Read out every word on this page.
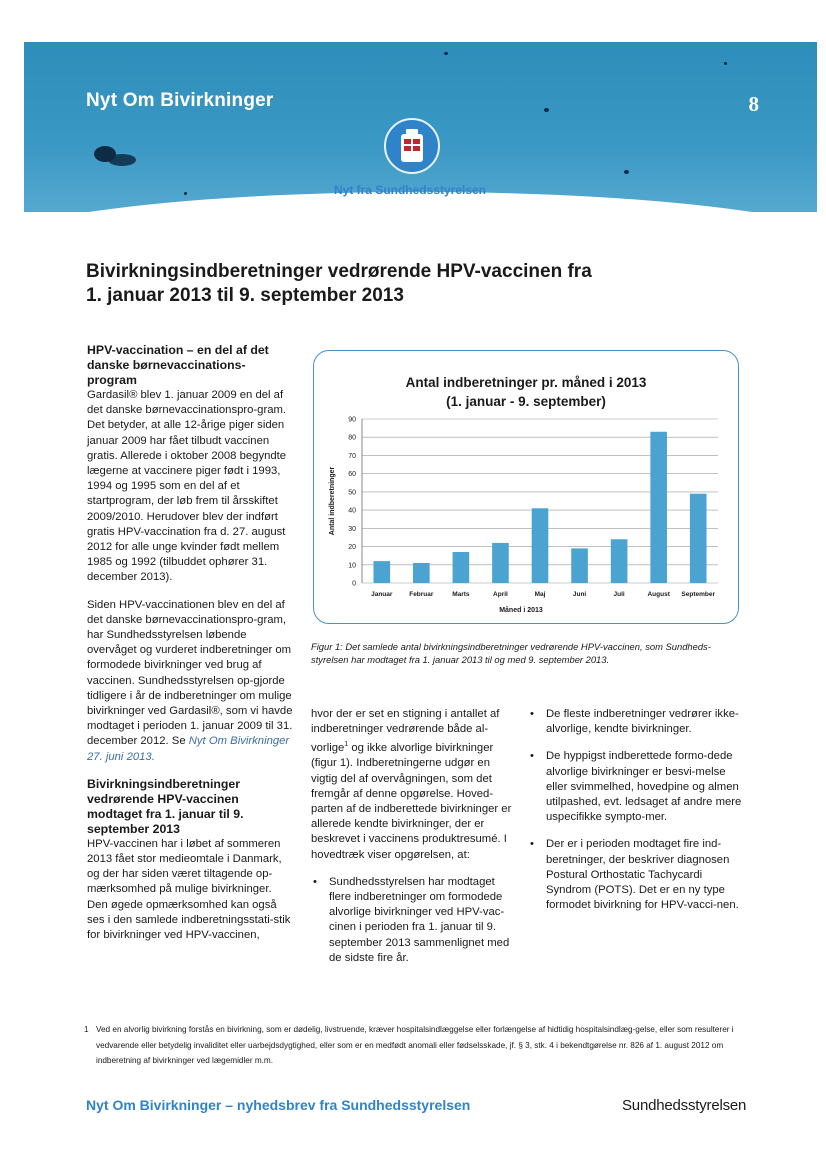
Nyt Om Bivirkninger	8
Nyt fra Sundhedsstyrelsen
Bivirkningsindberetninger vedrørende HPV-vaccinen fra
1. januar 2013 til 9. september 2013
HPV-vaccination – en del af det danske børnevaccinations-program

Gardasil® blev 1. januar 2009 en del af det danske børnevaccinationspro-gram. Det betyder, at alle 12-årige piger siden januar 2009 har fået tilbudt vaccinen gratis. Allerede i oktober 2008 begyndte lægerne at vaccinere piger født i 1993, 1994 og 1995 som en del af et startprogram, der løb frem til årsskiftet 2009/2010. Herudover blev der indført gratis HPV-vaccination fra d. 27. august 2012 for alle unge kvinder født mellem 1985 og 1992 (tilbuddet ophører 31. december 2013).

Siden HPV-vaccinationen blev en del af det danske børnevaccinationspro-gram, har Sundhedsstyrelsen løbende overvåget og vurderet indberetninger om formodede bivirkninger ved brug af vaccinen. Sundhedsstyrelsen op-gjorde tidligere i år de indberetninger om mulige bivirkninger ved Gardasil®, som vi havde modtaget i perioden 1. januar 2009 til 31. december 2012. Se Nyt Om Bivirkninger 27. juni 2013.

Bivirkningsindberetninger vedrørende HPV-vaccinen modtaget fra 1. januar til 9. september 2013

HPV-vaccinen har i løbet af sommeren 2013 fået stor medieomtale i Danmark, og der har siden været tiltagende op-mærksomhed på mulige bivirkninger. Den øgede opmærksomhed kan også ses i den samlede indberetningsstati-stik for bivirkninger ved HPV-vaccinen,

Antal indberetninger pr. måned i 2013
(1. januar - 9. september)
Antal indberetninger
Måned i 2013
0
10
20
30
40
50
60
70
80
90
Januar	Februar	Marts	April	Maj	Juni	Juli	August September
Figur 1: Det samlede antal bivirkningsindberetninger vedrørende HPV-vaccinen, som Sundheds-styrelsen har modtaget fra 1. januar 2013 til og med 9. september 2013.

hvor der er set en stigning i antallet af indberetninger vedrørende både al-vorlige$^1$ og ikke alvorlige bivirkninger (figur 1). Indberetningerne udgør en vigtig del af overvågningen, som det fremgår af denne opgørelse. Hoved-parten af de indberettede bivirkninger er allerede kendte bivirkninger, der er beskrevet i vaccinens produktresumé. I hovedtræk viser opgørelsen, at:

• Sundhedsstyrelsen har modtaget flere indberetninger om formodede alvorlige bivirkninger ved HPV-vac-cinen i perioden fra 1. januar til 9. september 2013 sammenlignet med de sidste fire år.
• De fleste indberetninger vedrører ikke-alvorlige, kendte bivirkninger.
• De hyppigst indberettede formo-dede alvorlige bivirkninger er besvi-melse eller svimmelhed, hovedpine og almen utilpashed, evt. ledsaget af andre mere uspecifikke sympto-mer.
• Der er i perioden modtaget fire ind-beretninger, der beskriver diagnosen Postural Orthostatic Tachycardi Syndrom (POTS). Det er en ny type formodet bivirkning for HPV-vacci-nen.
1 Ved en alvorlig bivirkning forstås en bivirkning, som er dødelig, livstruende, kræver hospitalsindlæggelse eller forlængelse af hidtidig hospitalsindlæg-gelse, eller som resulterer i vedvarende eller betydelig invaliditet eller uarbejdsdygtighed, eller som er en medfødt anomali eller fødselsskade, jf. § 3, stk. 4 i bekendtgørelse nr. 826 af 1. august 2012 om indberetning af bivirkninger ved lægemidler m.m.
Nyt Om Bivirkninger – nyhedsbrev fra Sundhedsstyrelsen	Sundhedsstyrelsen
